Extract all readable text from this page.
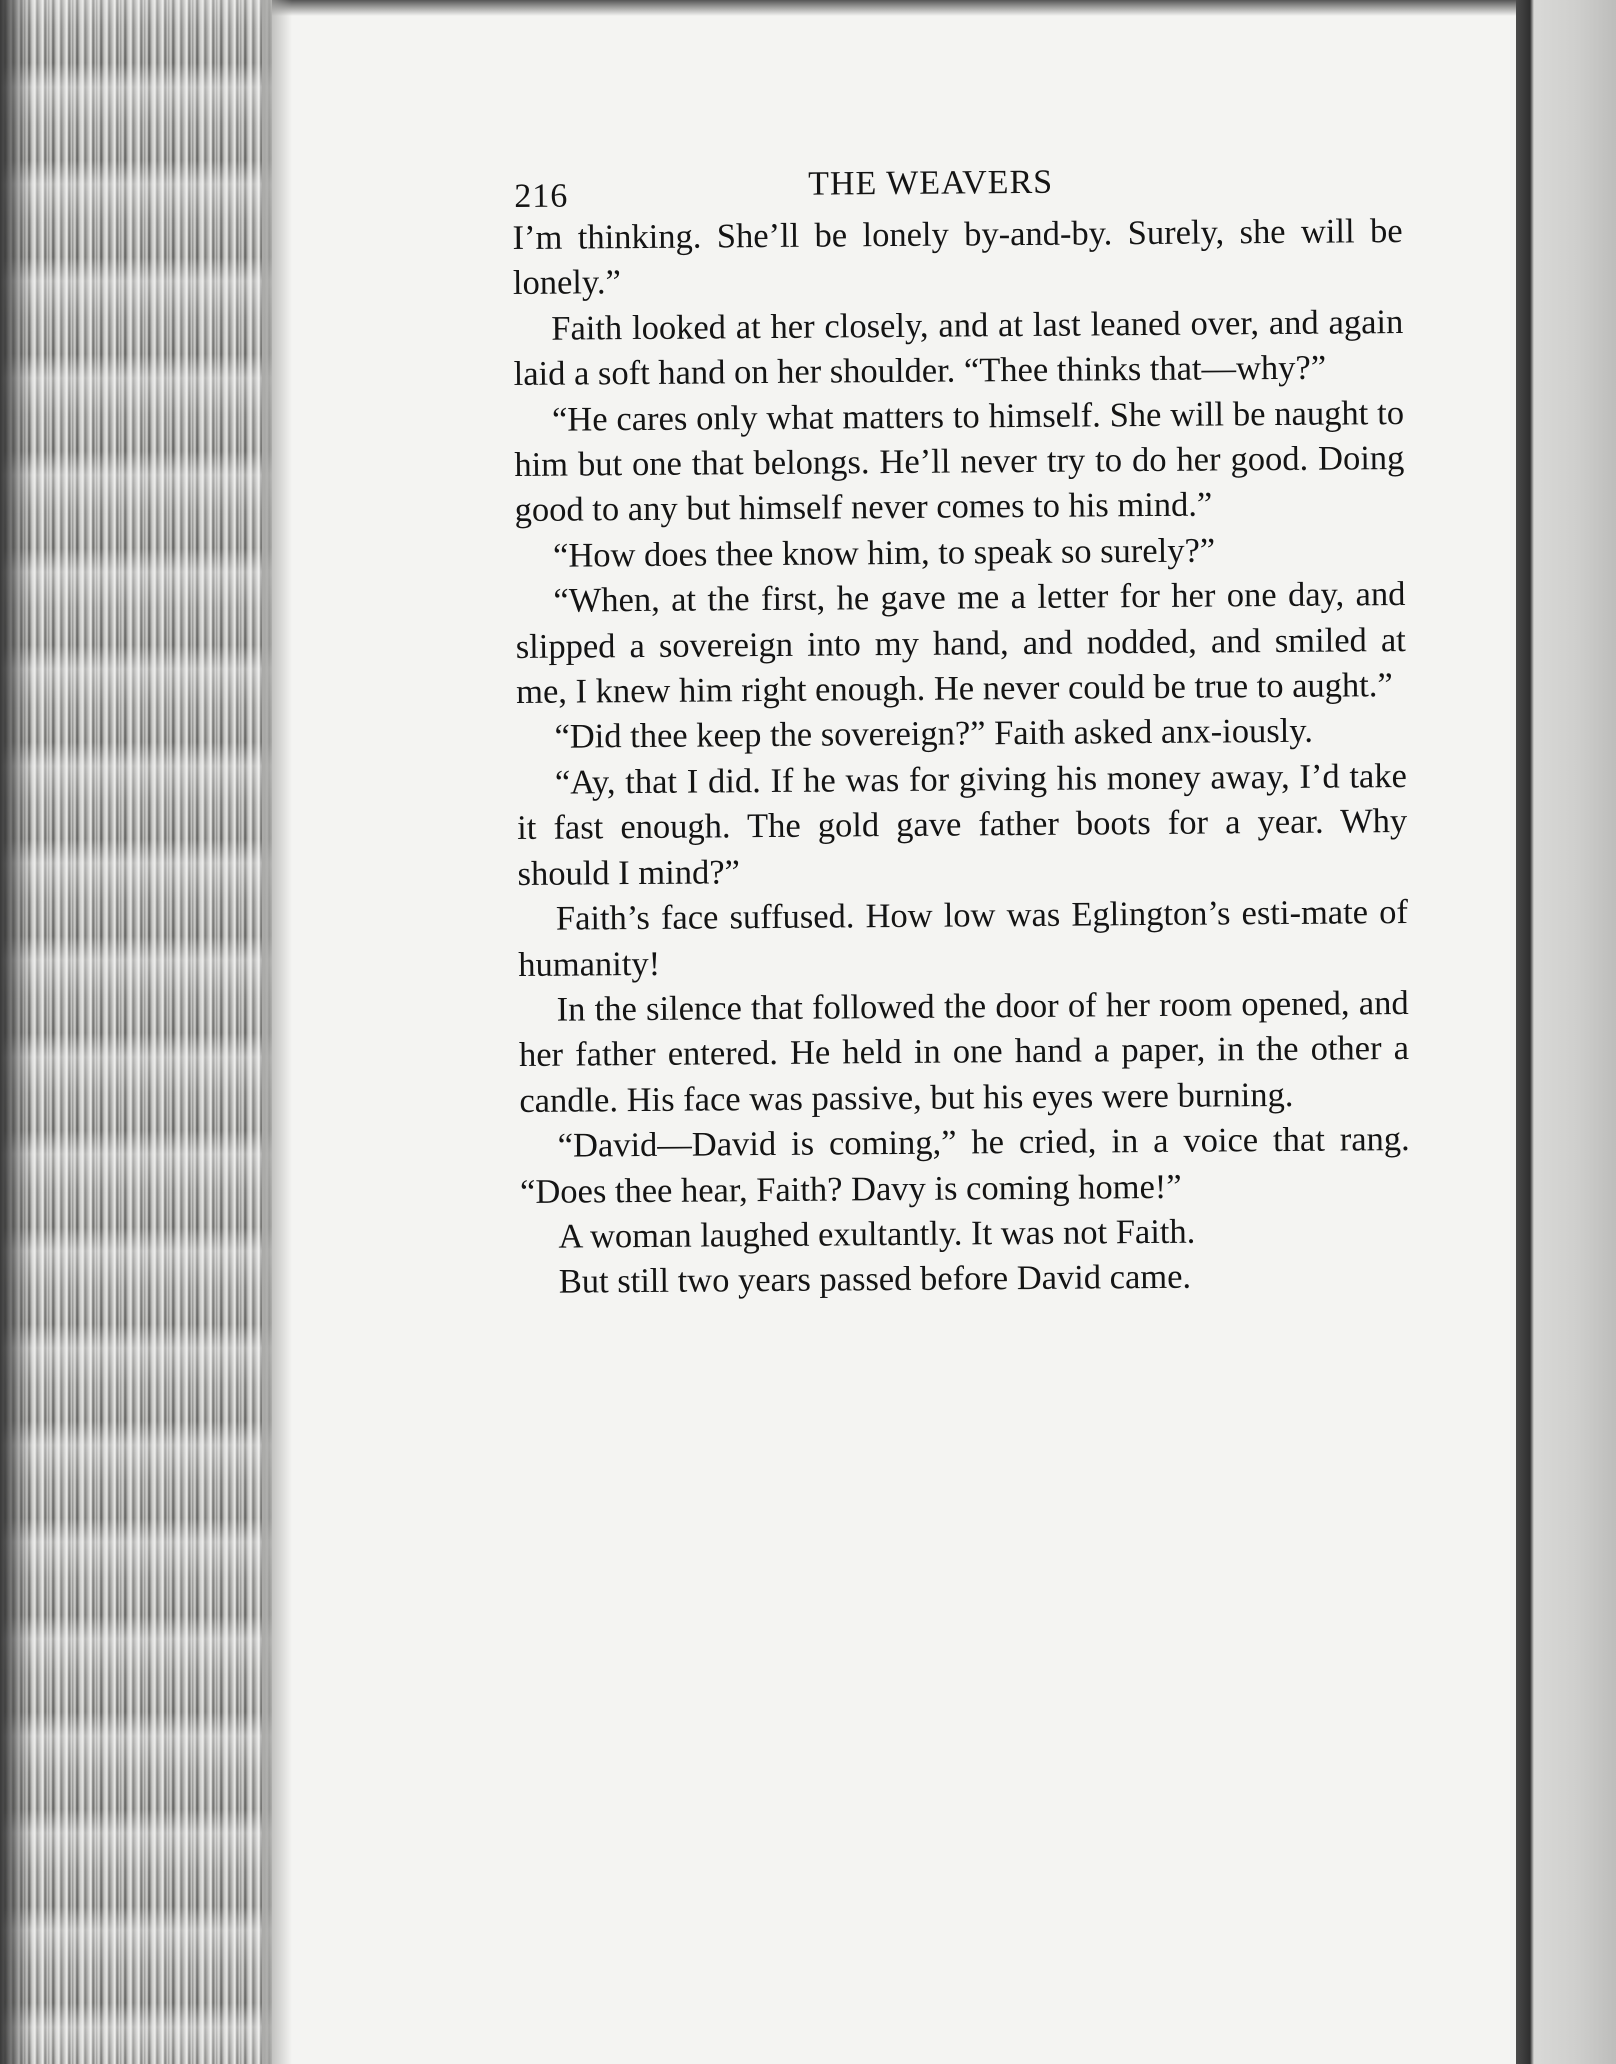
216	THE WEAVERS

I’m thinking. She’ll be lonely by-and-by. Surely, she will be lonely.”

Faith looked at her closely, and at last leaned over, and again laid a soft hand on her shoulder. “Thee thinks that—why?”

“He cares only what matters to himself. She will be naught to him but one that belongs. He’ll never try to do her good. Doing good to any but himself never comes to his mind.”

“How does thee know him, to speak so surely?”

“When, at the first, he gave me a letter for her one day, and slipped a sovereign into my hand, and nodded, and smiled at me, I knew him right enough. He never could be true to aught.”

“Did thee keep the sovereign?” Faith asked anx-iously.

“Ay, that I did. If he was for giving his money away, I’d take it fast enough. The gold gave father boots for a year. Why should I mind?”

Faith’s face suffused. How low was Eglington’s esti-mate of humanity!

In the silence that followed the door of her room opened, and her father entered. He held in one hand a paper, in the other a candle. His face was passive, but his eyes were burning.

“David—David is coming,” he cried, in a voice that rang. “Does thee hear, Faith? Davy is coming home!”

A woman laughed exultantly. It was not Faith.

But still two years passed before David came.
